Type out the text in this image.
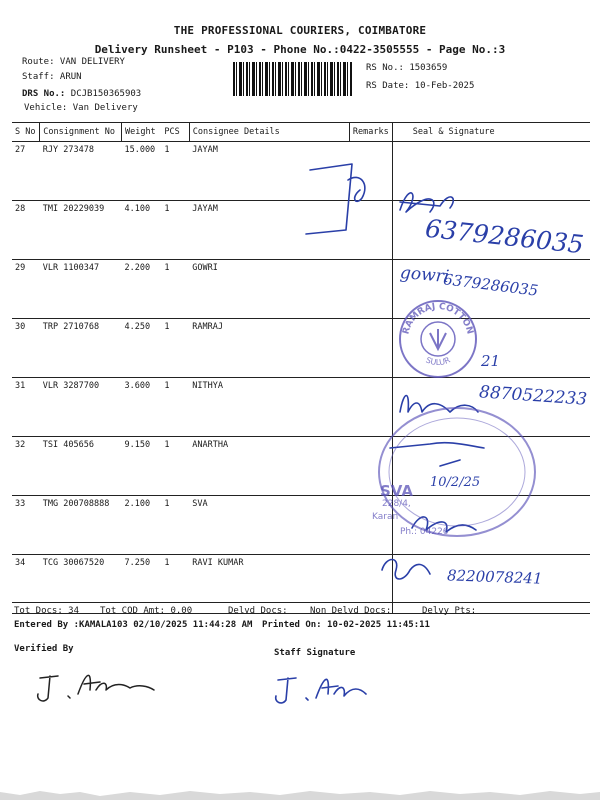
THE PROFESSIONAL COURIERS, COIMBATORE
Delivery Runsheet - P103 - Phone No.:0422-3505555 - Page No.:3
Route: VAN DELIVERY
Staff: ARUN
DRS No.: DCJB150365903
Vehicle: Van Delivery
RS No.: 1503659
RS Date: 10-Feb-2025
S No	Consignment No	Weight	PCS	Consignee Details	Remarks	Seal & Signature
27	RJY 273478	15.000	1	JAYAM		
28	TMI 20229039	4.100	1	JAYAM		
29	VLR 1100347	2.200	1	GOWRI		
30	TRP 2710768	4.250	1	RAMRAJ		
31	VLR 3287700	3.600	1	NITHYA		
32	TSI 405656	9.150	1	ANARTHA		
33	TMG 200708888	2.100	1	SVA		
34	TCG 30067520	7.250	1	RAVI KUMAR		
6379286035
gowri
6379286035
21
8870522233
8220078241
RAMRAJ COTTON
SULUR
SVA
228/4,
Karan
Ph.: 04226
10/2/25
Tot Docs: 34 Tot COD Amt: 0.00	Delvd Docs: Non Delvd Docs:	Delvy Pts:
Entered By :KAMALA103 02/10/2025 11:44:28 AM Printed On: 10-02-2025 11:45:11
Verified By	Staff Signature
